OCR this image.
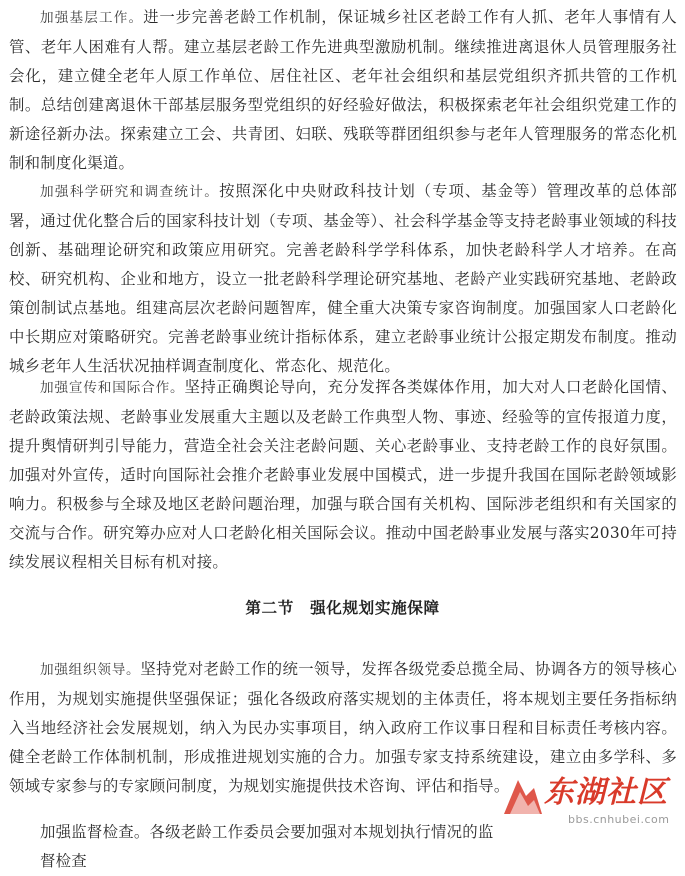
加强基层工作。进一步完善老龄工作机制，保证城乡社区老龄工作有人抓、老年人事情有人管、老年人困难有人帮。建立基层老龄工作先进典型激励机制。继续推进离退休人员管理服务社会化，建立健全老年人原工作单位、居住社区、老年社会组织和基层党组织齐抓共管的工作机制。总结创建离退休干部基层服务型党组织的好经验好做法，积极探索老年社会组织党建工作的新途径新办法。探索建立工会、共青团、妇联、残联等群团组织参与老年人管理服务的常态化机制和制度化渠道。

加强科学研究和调查统计。按照深化中央财政科技计划（专项、基金等）管理改革的总体部署，通过优化整合后的国家科技计划（专项、基金等）、社会科学基金等支持老龄事业领域的科技创新、基础理论研究和政策应用研究。完善老龄科学学科体系，加快老龄科学人才培养。在高校、研究机构、企业和地方，设立一批老龄科学理论研究基地、老龄产业实践研究基地、老龄政策创制试点基地。组建高层次老龄问题智库，健全重大决策专家咨询制度。加强国家人口老龄化中长期应对策略研究。完善老龄事业统计指标体系，建立老龄事业统计公报定期发布制度。推动城乡老年人生活状况抽样调查制度化、常态化、规范化。

加强宣传和国际合作。坚持正确舆论导向，充分发挥各类媒体作用，加大对人口老龄化国情、老龄政策法规、老龄事业发展重大主题以及老龄工作典型人物、事迹、经验等的宣传报道力度，提升舆情研判引导能力，营造全社会关注老龄问题、关心老龄事业、支持老龄工作的良好氛围。加强对外宣传，适时向国际社会推介老龄事业发展中国模式，进一步提升我国在国际老龄领域影响力。积极参与全球及地区老龄问题治理，加强与联合国有关机构、国际涉老组织和有关国家的交流与合作。研究筹办应对人口老龄化相关国际会议。推动中国老龄事业发展与落实2030年可持续发展议程相关目标有机对接。

第二节　强化规划实施保障

加强组织领导。坚持党对老龄工作的统一领导，发挥各级党委总揽全局、协调各方的领导核心作用，为规划实施提供坚强保证；强化各级政府落实规划的主体责任，将本规划主要任务指标纳入当地经济社会发展规划，纳入为民办实事项目，纳入政府工作议事日程和目标责任考核内容。健全老龄工作体制机制，形成推进规划实施的合力。加强专家支持系统建设，建立由多学科、多领域专家参与的专家顾问制度，为规划实施提供技术咨询、评估和指导。

加强监督检查。各级老龄工作委员会要加强对本规划执行情况的监督检查
东湖社区
bbs.cnhubei.com
